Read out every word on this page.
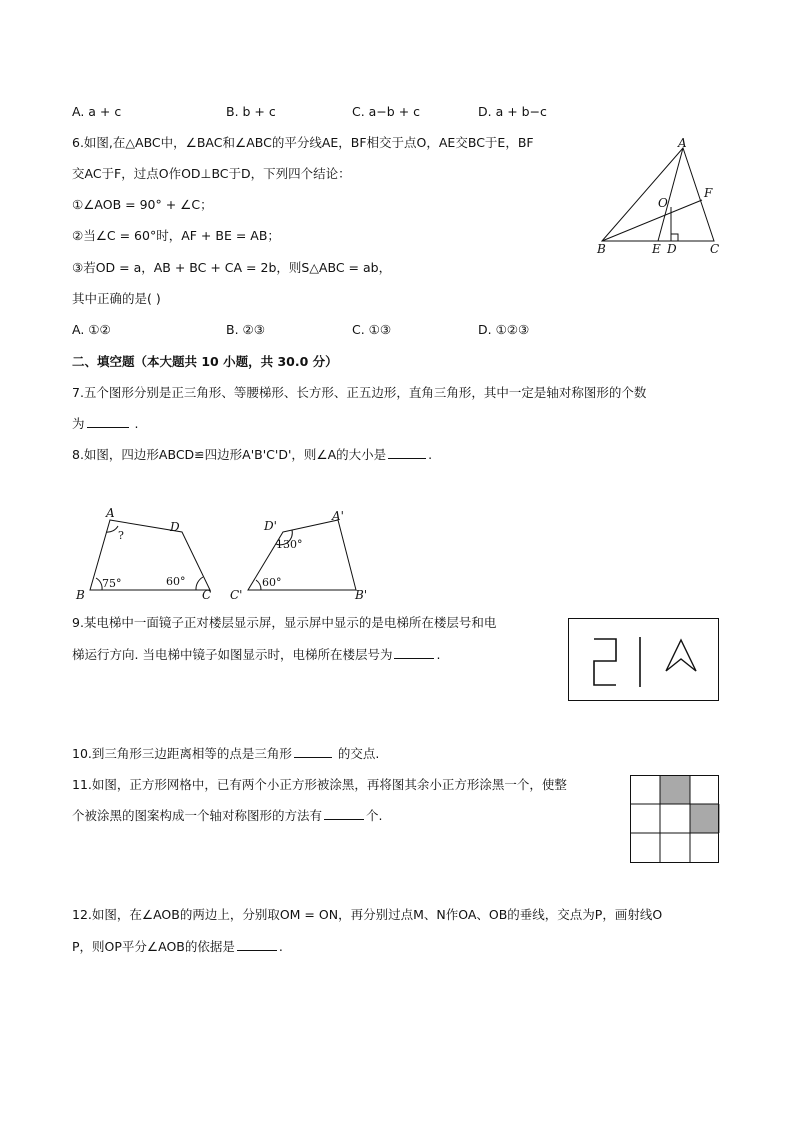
A. a + c	B. b + c	C. a−b + c	D. a + b−c
6.如图,在△ABC中，∠BAC和∠ABC的平分线AE，BF相交于点O，AE交BC于E，BF
交AC于F，过点O作OD⊥BC于D，下列四个结论：
①∠AOB = 90° + ∠C；
②当∠C = 60°时，AF + BE = AB；
③若OD = a，AB + BC + CA = 2b，则S△ABC = ab，
其中正确的是( )
A. ①②	B. ②③	C. ①③	D. ①②③
A
F
O
B	E D	C
二、填空题（本大题共 10 小题，共 30.0 分）
7.五个图形分别是正三角形、等腰梯形、长方形、正五边形，直角三角形，其中一定是轴对称图形的个数
为	.
8.如图，四边形ABCD≌四边形A'B'C'D'，则∠A的大小是	.
A
D
B	C
?
75°	60°
D'
A'
C'	B'
130°
60°
9.某电梯中一面镜子正对楼层显示屏，显示屏中显示的是电梯所在楼层号和电
梯运行方向. 当电梯中镜子如图显示时，电梯所在楼层号为	.
10.到三角形三边距离相等的点是三角形	的交点.
11.如图，正方形网格中，已有两个小正方形被涂黑，再将图其余小正方形涂黑一个，使整
个被涂黑的图案构成一个轴对称图形的方法有	个.
12.如图，在∠AOB的两边上，分别取OM = ON，再分别过点M、N作OA、OB的垂线，交点为P，画射线O
P，则OP平分∠AOB的依据是	.
